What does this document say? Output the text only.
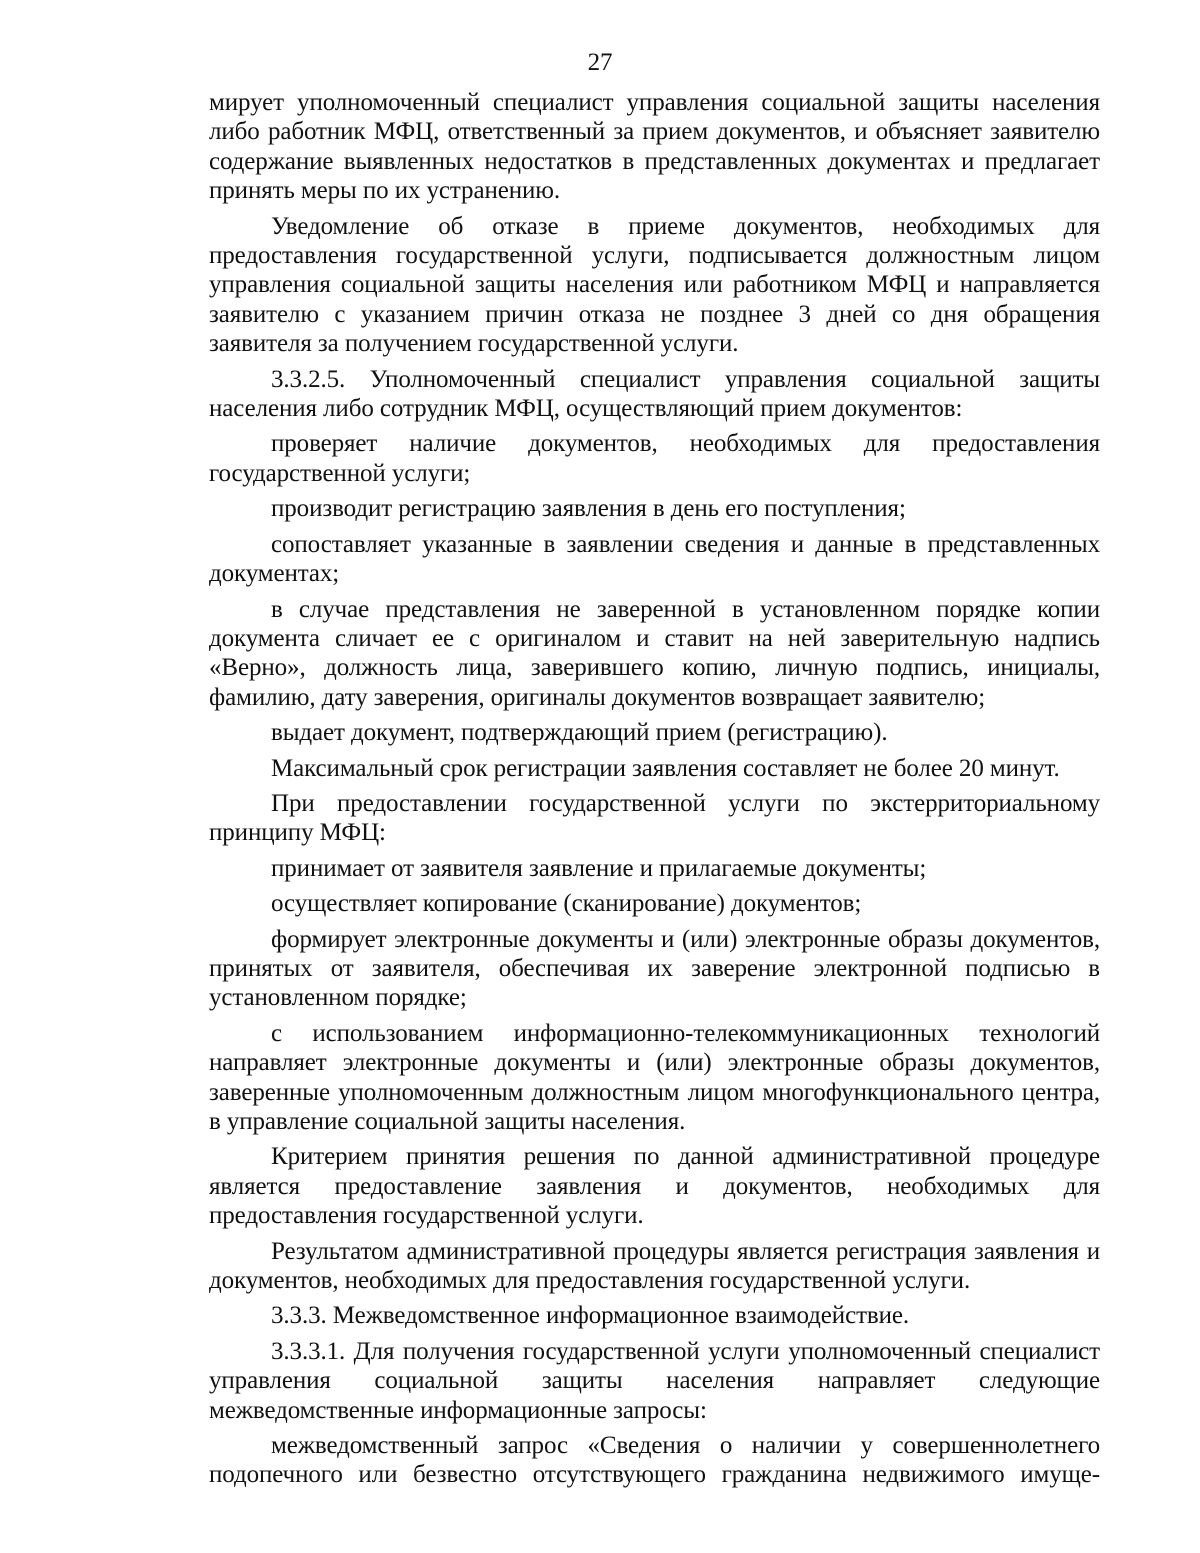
27

мирует уполномоченный специалист управления социальной защиты населения либо работник МФЦ, ответственный за прием документов, и объясняет заявителю содержание выявленных недостатков в представленных документах и предлагает принять меры по их устранению.

Уведомление об отказе в приеме документов, необходимых для предоставления государственной услуги, подписывается должностным лицом управления социальной защиты населения или работником МФЦ и направляется заявителю с указанием причин отказа не позднее 3 дней со дня обращения заявителя за получением государственной услуги.

3.3.2.5. Уполномоченный специалист управления социальной защиты населения либо сотрудник МФЦ, осуществляющий прием документов:

проверяет наличие документов, необходимых для предоставления государственной услуги;

производит регистрацию заявления в день его поступления;

сопоставляет указанные в заявлении сведения и данные в представленных документах;

в случае представления не заверенной в установленном порядке копии документа сличает ее с оригиналом и ставит на ней заверительную надпись «Верно», должность лица, заверившего копию, личную подпись, инициалы, фамилию, дату заверения, оригиналы документов возвращает заявителю;

выдает документ, подтверждающий прием (регистрацию).

Максимальный срок регистрации заявления составляет не более 20 минут.

При предоставлении государственной услуги по экстерриториальному принципу МФЦ:

принимает от заявителя заявление и прилагаемые документы;

осуществляет копирование (сканирование) документов;

формирует электронные документы и (или) электронные образы документов, принятых от заявителя, обеспечивая их заверение электронной подписью в установленном порядке;

с использованием информационно-телекоммуникационных технологий направляет электронные документы и (или) электронные образы документов, заверенные уполномоченным должностным лицом многофункционального центра, в управление социальной защиты населения.

Критерием принятия решения по данной административной процедуре является предоставление заявления и документов, необходимых для предоставления государственной услуги.

Результатом административной процедуры является регистрация заявления и документов, необходимых для предоставления государственной услуги.

3.3.3. Межведомственное информационное взаимодействие.

3.3.3.1. Для получения государственной услуги уполномоченный специалист управления социальной защиты населения направляет следующие межведомственные информационные запросы:

межведомственный запрос «Сведения о наличии у совершеннолетнего подопечного или безвестно отсутствующего гражданина недвижимого имуще-
